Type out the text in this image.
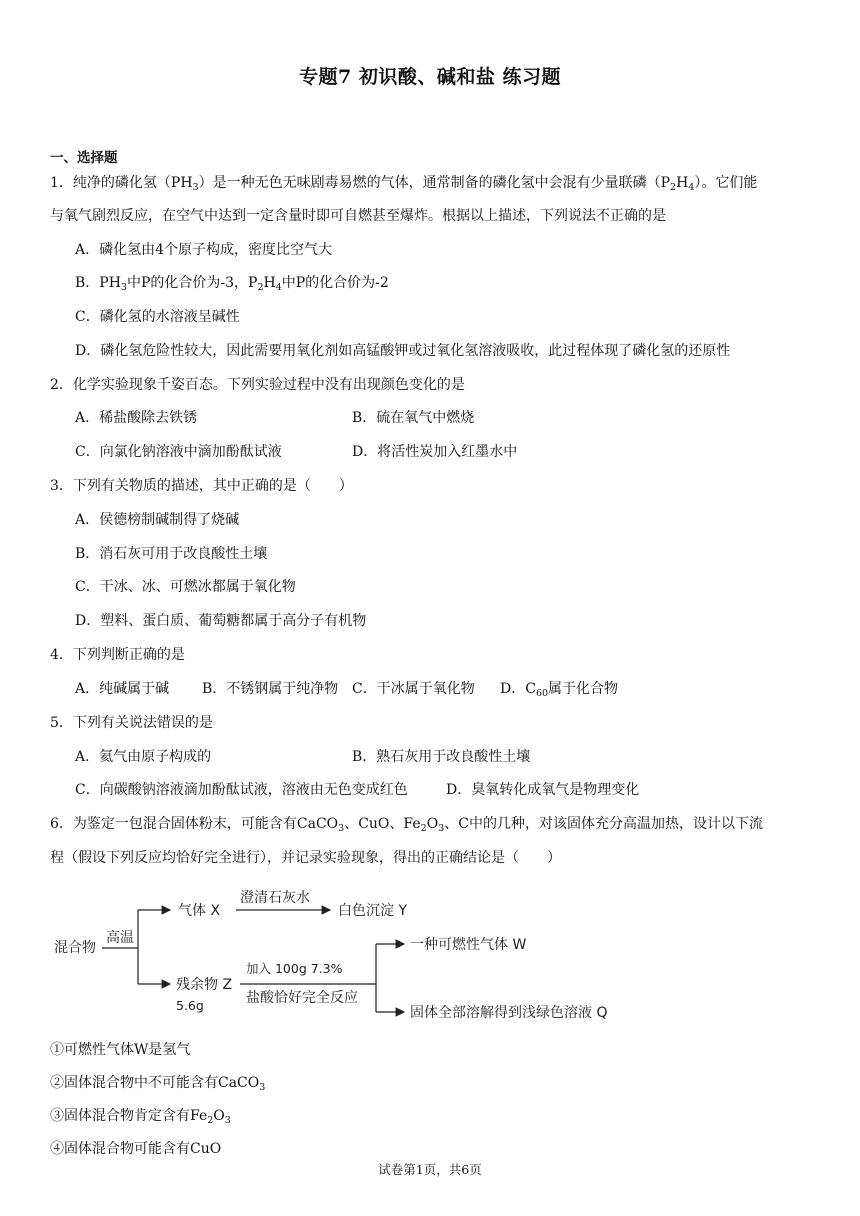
专题7 初识酸、碱和盐 练习题
一、选择题
1．纯净的磷化氢$(PH_3)$是一种无色无味剧毒易燃的气体，通常制备的磷化氢中会混有少量联磷$(P_2H_4)$。它们能
与氧气剧烈反应，在空气中达到一定含量时即可自燃甚至爆炸。根据以上描述，下列说法不正确的是
A．磷化氢由4个原子构成，密度比空气大
B．$PH_3$中P的化合价为-3，$P_2H_4$中P的化合价为-2
C．磷化氢的水溶液呈碱性
D．磷化氢危险性较大，因此需要用氧化剂如高锰酸钾或过氧化氢溶液吸收，此过程体现了磷化氢的还原性
2．化学实验现象千姿百态。下列实验过程中没有出现颜色变化的是
A．稀盐酸除去铁锈	B．硫在氧气中燃烧
C．向氯化钠溶液中滴加酚酞试液	D．将活性炭加入红墨水中
3．下列有关物质的描述，其中正确的是（　　）
A．侯德榜制碱制得了烧碱
B．消石灰可用于改良酸性土壤
C．干冰、冰、可燃冰都属于氧化物
D．塑料、蛋白质、葡萄糖都属于高分子有机物
4．下列判断正确的是
A．纯碱属于碱 B．不锈钢属于纯净物 C．干冰属于氧化物 D．$C_{60}$属于化合物
5．下列有关说法错误的是
A．氦气由原子构成的	B．熟石灰用于改良酸性土壤
C．向碳酸钠溶液滴加酚酞试液，溶液由无色变成红色	D．臭氧转化成氧气是物理变化
6．为鉴定一包混合固体粉末，可能含有CaCO$_3$、CuO、$Fe_2O_3$、C中的几种，对该固体充分高温加热，设计以下流
程（假设下列反应均恰好完全进行），并记录实验现象，得出的正确结论是（　　）
混合物
高温
气体 X
澄清石灰水
白色沉淀 Y
残余物 Z
5.6g
加入 100g 7.3%
盐酸恰好完全反应
一种可燃性气体 W
固体全部溶解得到浅绿色溶液 Q
①可燃性气体W是氢气
②固体混合物中不可能含有CaCO$_3$
③固体混合物肯定含有$Fe_2O_3$
④固体混合物可能含有CuO
试卷第1页，共6页
